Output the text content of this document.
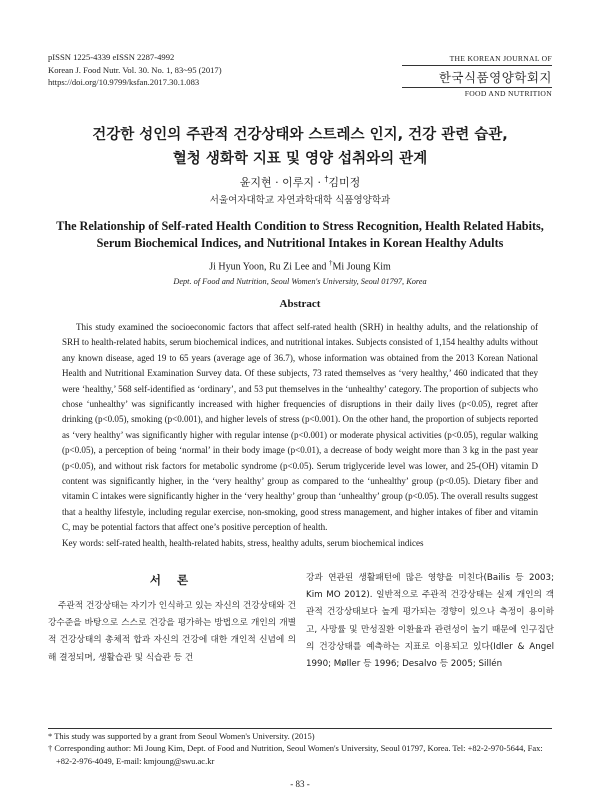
pISSN 1225-4339 eISSN 2287-4992
Korean J. Food Nutr. Vol. 30. No. 1, 83~95 (2017)
https://doi.org/10.9799/ksfan.2017.30.1.083
THE KOREAN JOURNAL OF
한국식품영양학회지
FOOD AND NUTRITION
건강한 성인의 주관적 건강상태와 스트레스 인지, 건강 관련 습관,
혈청 생화학 지표 및 영양 섭취와의 관계
윤지현 · 이루지 · †김미정
서울여자대학교 자연과학대학 식품영양학과
The Relationship of Self-rated Health Condition to Stress Recognition, Health Related Habits,
Serum Biochemical Indices, and Nutritional Intakes in Korean Healthy Adults
Ji Hyun Yoon, Ru Zi Lee and †Mi Joung Kim
Dept. of Food and Nutrition, Seoul Women's University, Seoul 01797, Korea
Abstract

This study examined the socioeconomic factors that affect self-rated health (SRH) in healthy adults, and the relationship of SRH to health-related habits, serum biochemical indices, and nutritional intakes. Subjects consisted of 1,154 healthy adults without any known disease, aged 19 to 65 years (average age of 36.7), whose information was obtained from the 2013 Korean National Health and Nutritional Examination Survey data. Of these subjects, 73 rated themselves as ‘very healthy,’ 460 indicated that they were ‘healthy,’ 568 self-identified as ‘ordinary’, and 53 put themselves in the ‘unhealthy’ category. The proportion of subjects who chose ‘unhealthy’ was significantly increased with higher frequencies of disruptions in their daily lives (p<0.05), regret after drinking (p<0.05), smoking (p<0.001), and higher levels of stress (p<0.001). On the other hand, the proportion of subjects reported as ‘very healthy’ was significantly higher with regular intense (p<0.001) or moderate physical activities (p<0.05), regular walking (p<0.05), a perception of being ‘normal’ in their body image (p<0.01), a decrease of body weight more than 3 kg in the past year (p<0.05), and without risk factors for metabolic syndrome (p<0.05). Serum triglyceride level was lower, and 25-(OH) vitamin D content was significantly higher, in the ‘very healthy’ group as compared to the ‘unhealthy’ group (p<0.05). Dietary fiber and vitamin C intakes were significantly higher in the ‘very healthy’ group than ‘unhealthy’ group (p<0.05). The overall results suggest that a healthy lifestyle, including regular exercise, non-smoking, good stress management, and higher intakes of fiber and vitamin C, may be potential factors that affect one’s positive perception of health.

Key words: self-rated health, health-related habits, stress, healthy adults, serum biochemical indices

서 론

주관적 건강상태는 자기가 인식하고 있는 자신의 건강상태와 건강수준을 바탕으로 스스로 건강을 평가하는 방법으로 개인의 개별적 건강상태의 총체적 합과 자신의 건강에 대한 개인적 신념에 의해 결정되며, 생활습관 및 식습관 등 건

강과 연관된 생활패턴에 많은 영향을 미친다(Bailis 등 2003; Kim MO 2012). 일반적으로 주관적 건강상태는 실제 개인의 객관적 건강상태보다 높게 평가되는 경향이 있으나 측정이 용이하고, 사망률 및 만성질환 이환율과 관련성이 높기 때문에 인구집단의 건강상태를 예측하는 지표로 이용되고 있다(Idler & Angel 1990; Møller 등 1996; Desalvo 등 2005; Sillén

* This study was supported by a grant from Seoul Women's University. (2015)
† Corresponding author: Mi Joung Kim, Dept. of Food and Nutrition, Seoul Women's University, Seoul 01797, Korea. Tel: +82-2-970-5644, Fax: +82-2-976-4049, E-mail: kmjoung@swu.ac.kr
- 83 -
